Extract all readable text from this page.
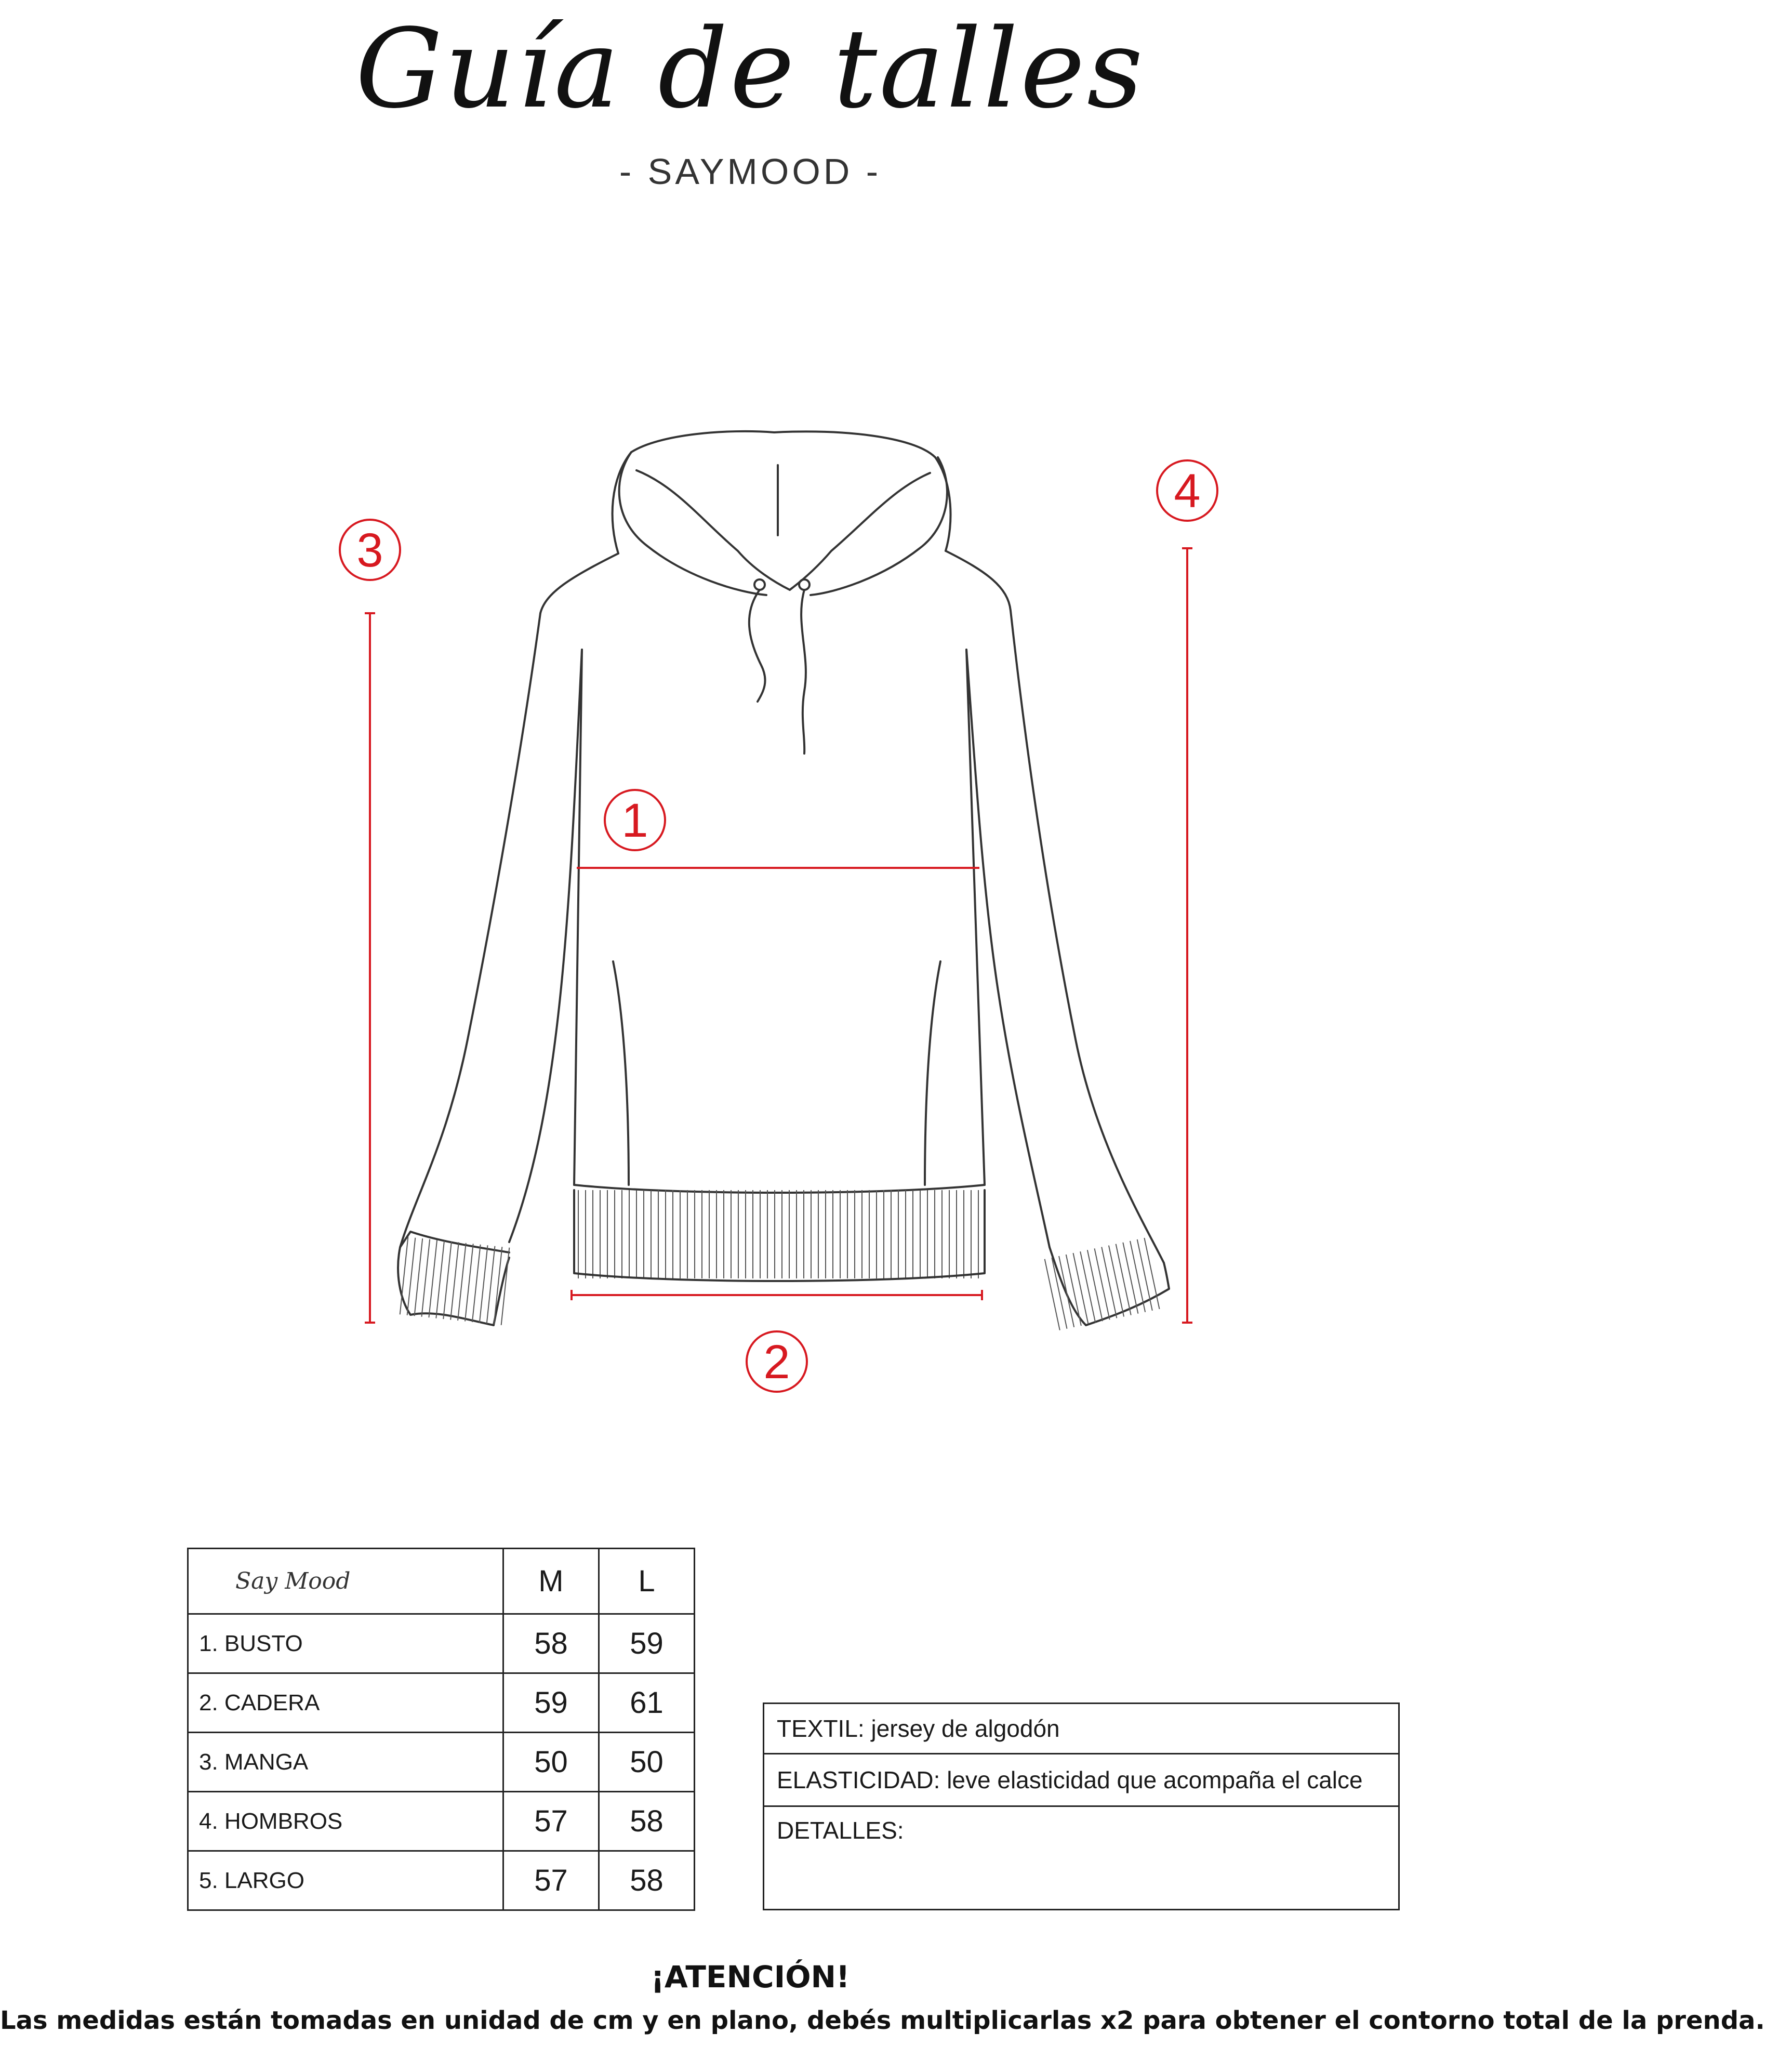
Guía de talles
- SAYMOOD -
1
2
3
4
Say Mood	M	L
1. BUSTO	58	59
2. CADERA	59	61
3. MANGA	50	50
4. HOMBROS	57	58
5. LARGO	57	58
TEXTIL: jersey de algodón
ELASTICIDAD: leve elasticidad que acompaña el calce
DETALLES:
¡ATENCIÓN!
Las medidas están tomadas en unidad de cm y en plano, debés multiplicarlas x2 para obtener el contorno total de la prenda.
